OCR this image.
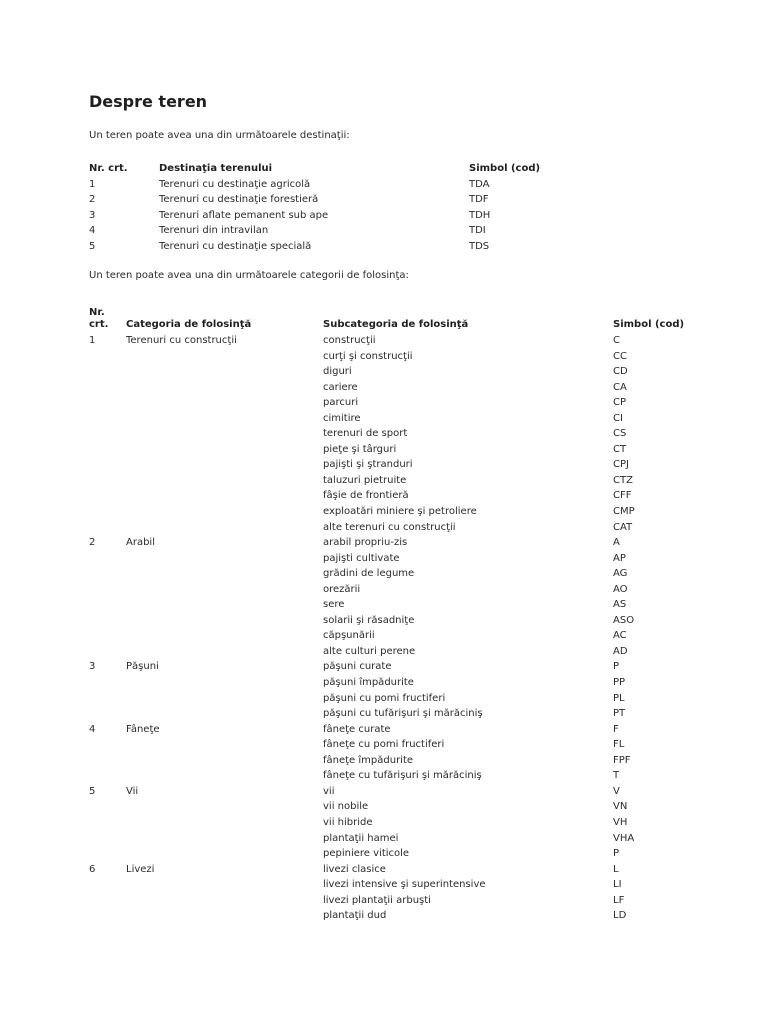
Despre teren

Un teren poate avea una din următoarele destinaţii:

Nr. crt.	Destinaţia terenului	Simbol (cod)
1	Terenuri cu destinaţie agricolă	TDA
2	Terenuri cu destinaţie forestieră	TDF
3	Terenuri aflate pemanent sub ape	TDH
4	Terenuri din intravilan	TDI
5	Terenuri cu destinaţie specială	TDS

Un teren poate avea una din următoarele categorii de folosinţa:

Nr. crt.	Categoria de folosinţă	Subcategoria de folosinţă	Simbol (cod)
1	Terenuri cu construcţii	construcţii	C
		curţi şi construcţii	CC
		diguri	CD
		cariere	CA
		parcuri	CP
		cimitire	CI
		terenuri de sport	CS
		pieţe şi târguri	CT
		pajişti şi ştranduri	CPJ
		taluzuri pietruite	CTZ
		fâşie de frontieră	CFF
		exploatări miniere şi petroliere	CMP
		alte terenuri cu construcţii	CAT
2	Arabil	arabil propriu-zis	A
		pajişti cultivate	AP
		grădini de legume	AG
		orezării	AO
		sere	AS
		solarii şi răsadniţe	ASO
		căpşunării	AC
		alte culturi perene	AD
3	Păşuni	păşuni curate	P
		păşuni împădurite	PP
		păşuni cu pomi fructiferi	PL
		păşuni cu tufărişuri şi mărăciniş	PT
4	Fâneţe	fâneţe curate	F
		fâneţe cu pomi fructiferi	FL
		fâneţe împădurite	FPF
		fâneţe cu tufărişuri şi mărăciniş	T
5	Vii	vii	V
		vii nobile	VN
		vii hibride	VH
		plantaţii hamei	VHA
		pepiniere viticole	P
6	Livezi	livezi clasice	L
		livezi intensive şi superintensive	LI
		livezi plantaţii arbuşti	LF
		plantaţii dud	LD
